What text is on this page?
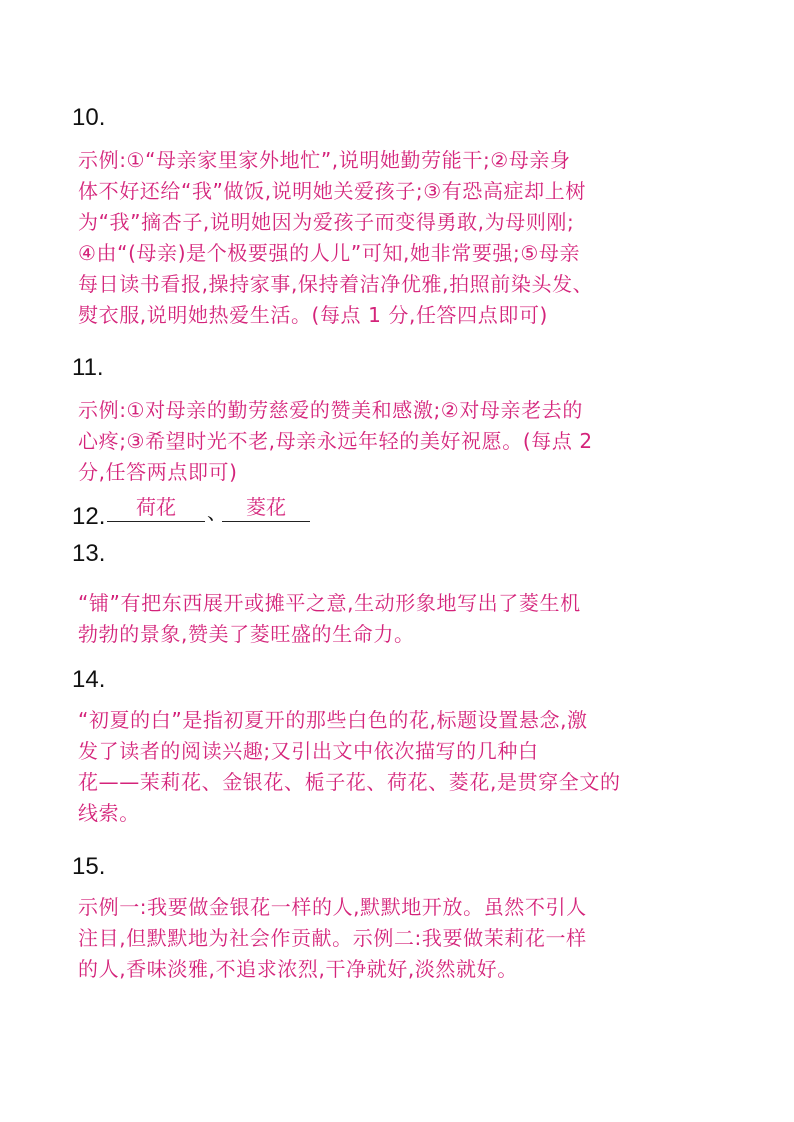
10.
示例:①“母亲家里家外地忙”,说明她勤劳能干;②母亲身
体不好还给“我”做饭,说明她关爱孩子;③有恐高症却上树
为“我”摘杏子,说明她因为爱孩子而变得勇敢,为母则刚;
④由“(母亲)是个极要强的人儿”可知,她非常要强;⑤母亲
每日读书看报,操持家事,保持着洁净优雅,拍照前染头发、
熨衣服,说明她热爱生活。(每点 1 分,任答四点即可)
11.
示例:①对母亲的勤劳慈爱的赞美和感激;②对母亲老去的
心疼;③希望时光不老,母亲永远年轻的美好祝愿。(每点 2
分,任答两点即可)
12.	荷花	、 菱花
13.
“铺”有把东西展开或摊平之意,生动形象地写出了菱生机
勃勃的景象,赞美了菱旺盛的生命力。
14.
“初夏的白”是指初夏开的那些白色的花,标题设置悬念,激
发了读者的阅读兴趣;又引出文中依次描写的几种白
花——茉莉花、金银花、栀子花、荷花、菱花,是贯穿全文的
线索。
15.
示例一:我要做金银花一样的人,默默地开放。虽然不引人
注目,但默默地为社会作贡献。示例二:我要做茉莉花一样
的人,香味淡雅,不追求浓烈,干净就好,淡然就好。
